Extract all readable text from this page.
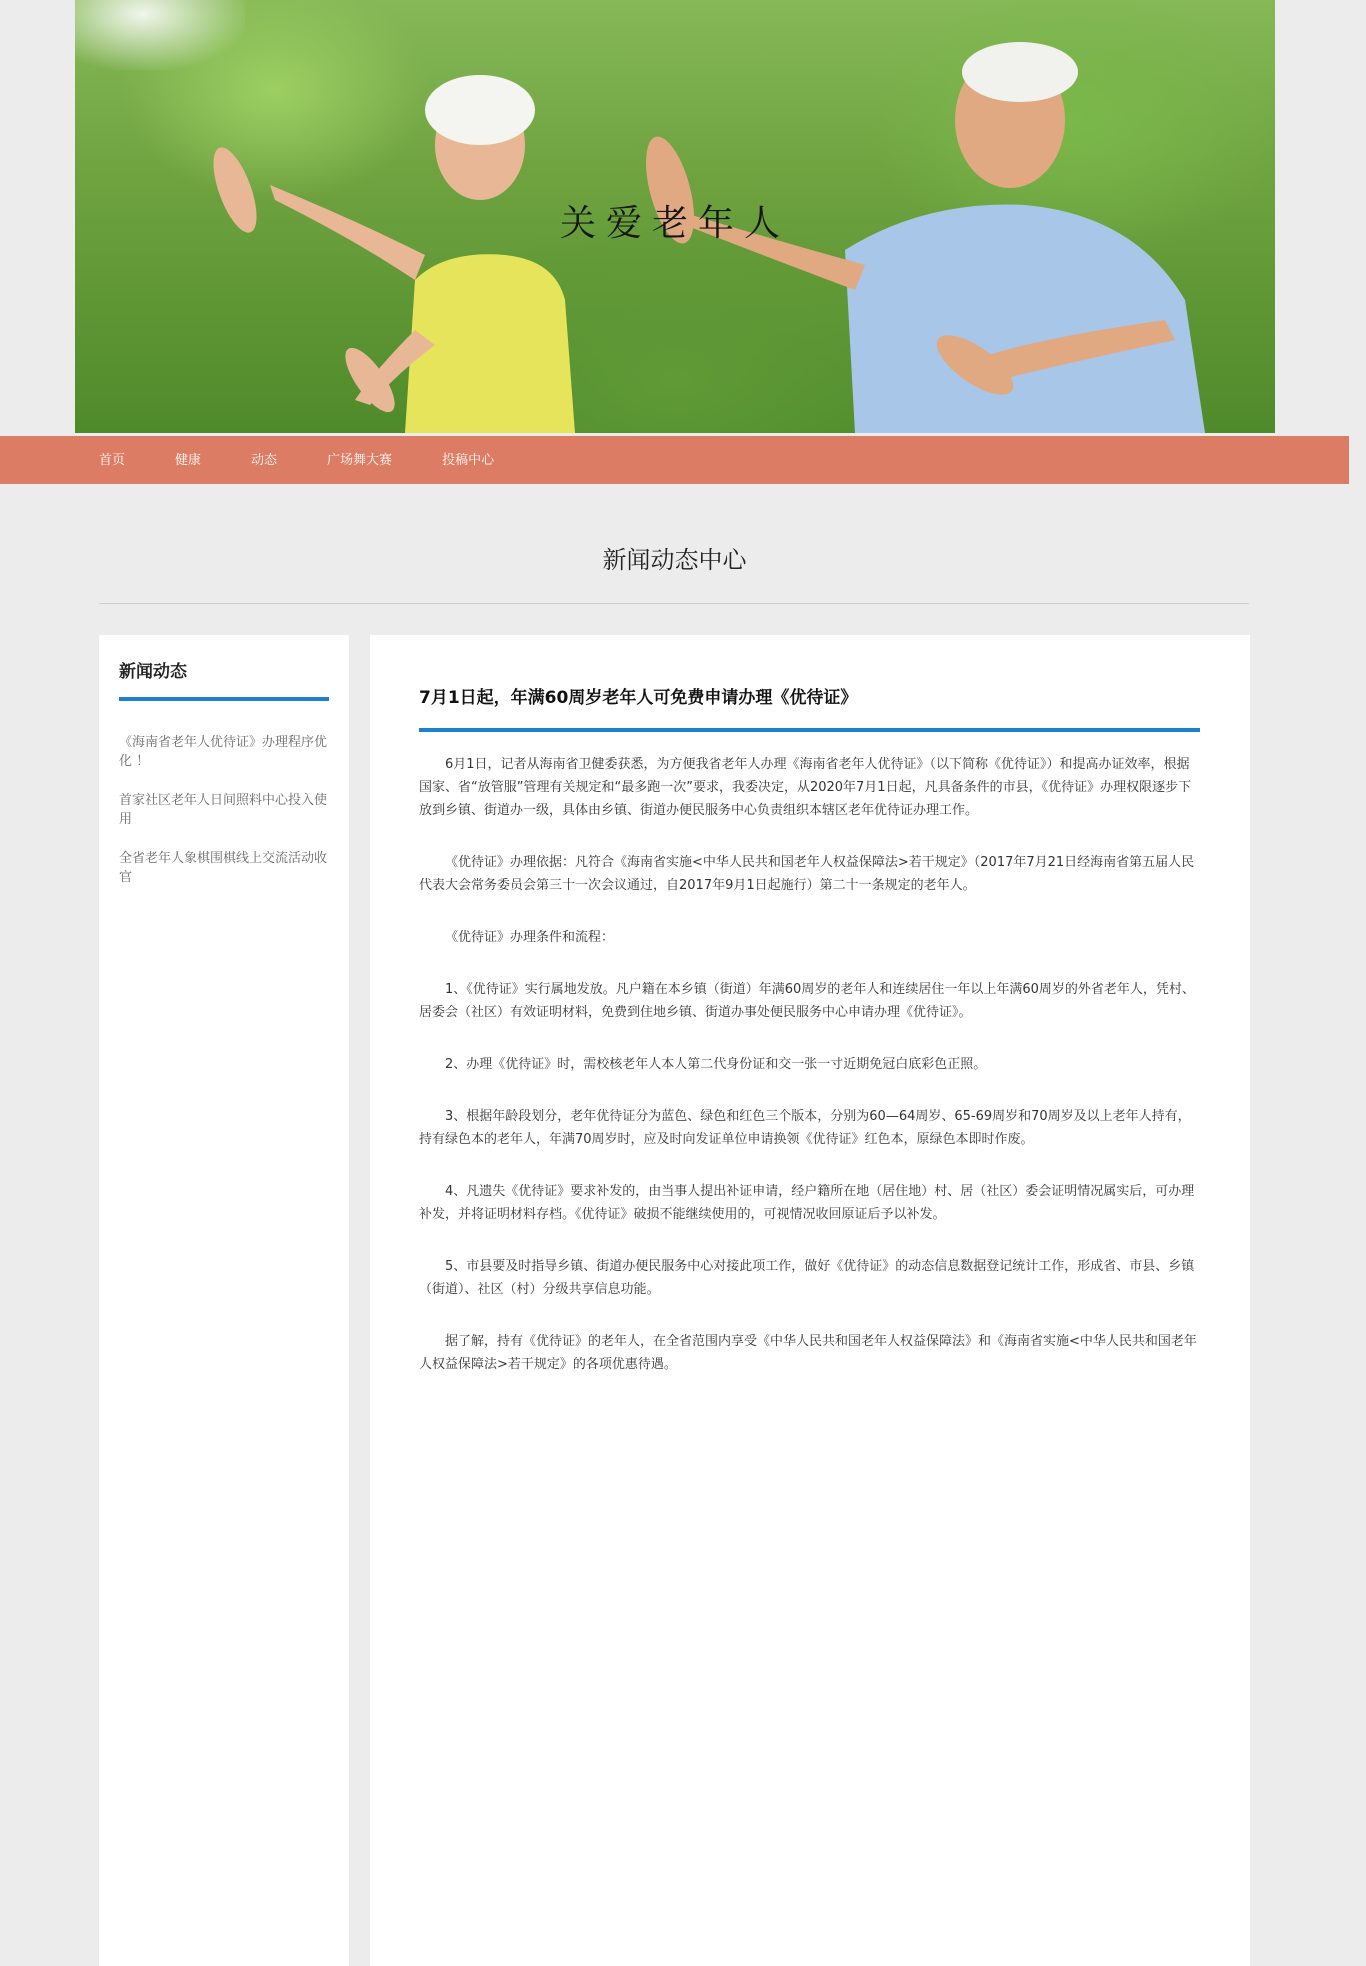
关爱老年人
首页	健康	动态	广场舞大赛	投稿中心
新闻动态中心
新闻动态
《海南省老年人优待证》办理程序优化 ！
首家社区老年人日间照料中心投入使用
全省老年人象棋围棋线上交流活动收官
7月1日起，年满60周岁老年人可免费申请办理《优待证》

6月1日，记者从海南省卫健委获悉，为方便我省老年人办理《海南省老年人优待证》（以下简称《优待证》）和提高办证效率，根据国家、省“放管服”管理有关规定和“最多跑一次”要求，我委决定，从2020年7月1日起，凡具备条件的市县，《优待证》办理权限逐步下放到乡镇、街道办一级，具体由乡镇、街道办便民服务中心负责组织本辖区老年优待证办理工作。

《优待证》办理依据：凡符合《海南省实施<中华人民共和国老年人权益保障法>若干规定》（2017年7月21日经海南省第五届人民代表大会常务委员会第三十一次会议通过，自2017年9月1日起施行）第二十一条规定的老年人。

《优待证》办理条件和流程：

1、《优待证》实行属地发放。凡户籍在本乡镇（街道）年满60周岁的老年人和连续居住一年以上年满60周岁的外省老年人，凭村、居委会（社区）有效证明材料，免费到住地乡镇、街道办事处便民服务中心申请办理《优待证》。

2、办理《优待证》时，需校核老年人本人第二代身份证和交一张一寸近期免冠白底彩色正照。

3、根据年龄段划分，老年优待证分为蓝色、绿色和红色三个版本，分别为60—64周岁、65-69周岁和70周岁及以上老年人持有，持有绿色本的老年人，年满70周岁时，应及时向发证单位申请换领《优待证》红色本，原绿色本即时作废。

4、凡遗失《优待证》要求补发的，由当事人提出补证申请，经户籍所在地（居住地）村、居（社区）委会证明情况属实后，可办理补发，并将证明材料存档。《优待证》破损不能继续使用的，可视情况收回原证后予以补发。

5、市县要及时指导乡镇、街道办便民服务中心对接此项工作，做好《优待证》的动态信息数据登记统计工作，形成省、市县、乡镇（街道）、社区（村）分级共享信息功能。

据了解，持有《优待证》的老年人，在全省范围内享受《中华人民共和国老年人权益保障法》和《海南省实施<中华人民共和国老年人权益保障法>若干规定》的各项优惠待遇。
